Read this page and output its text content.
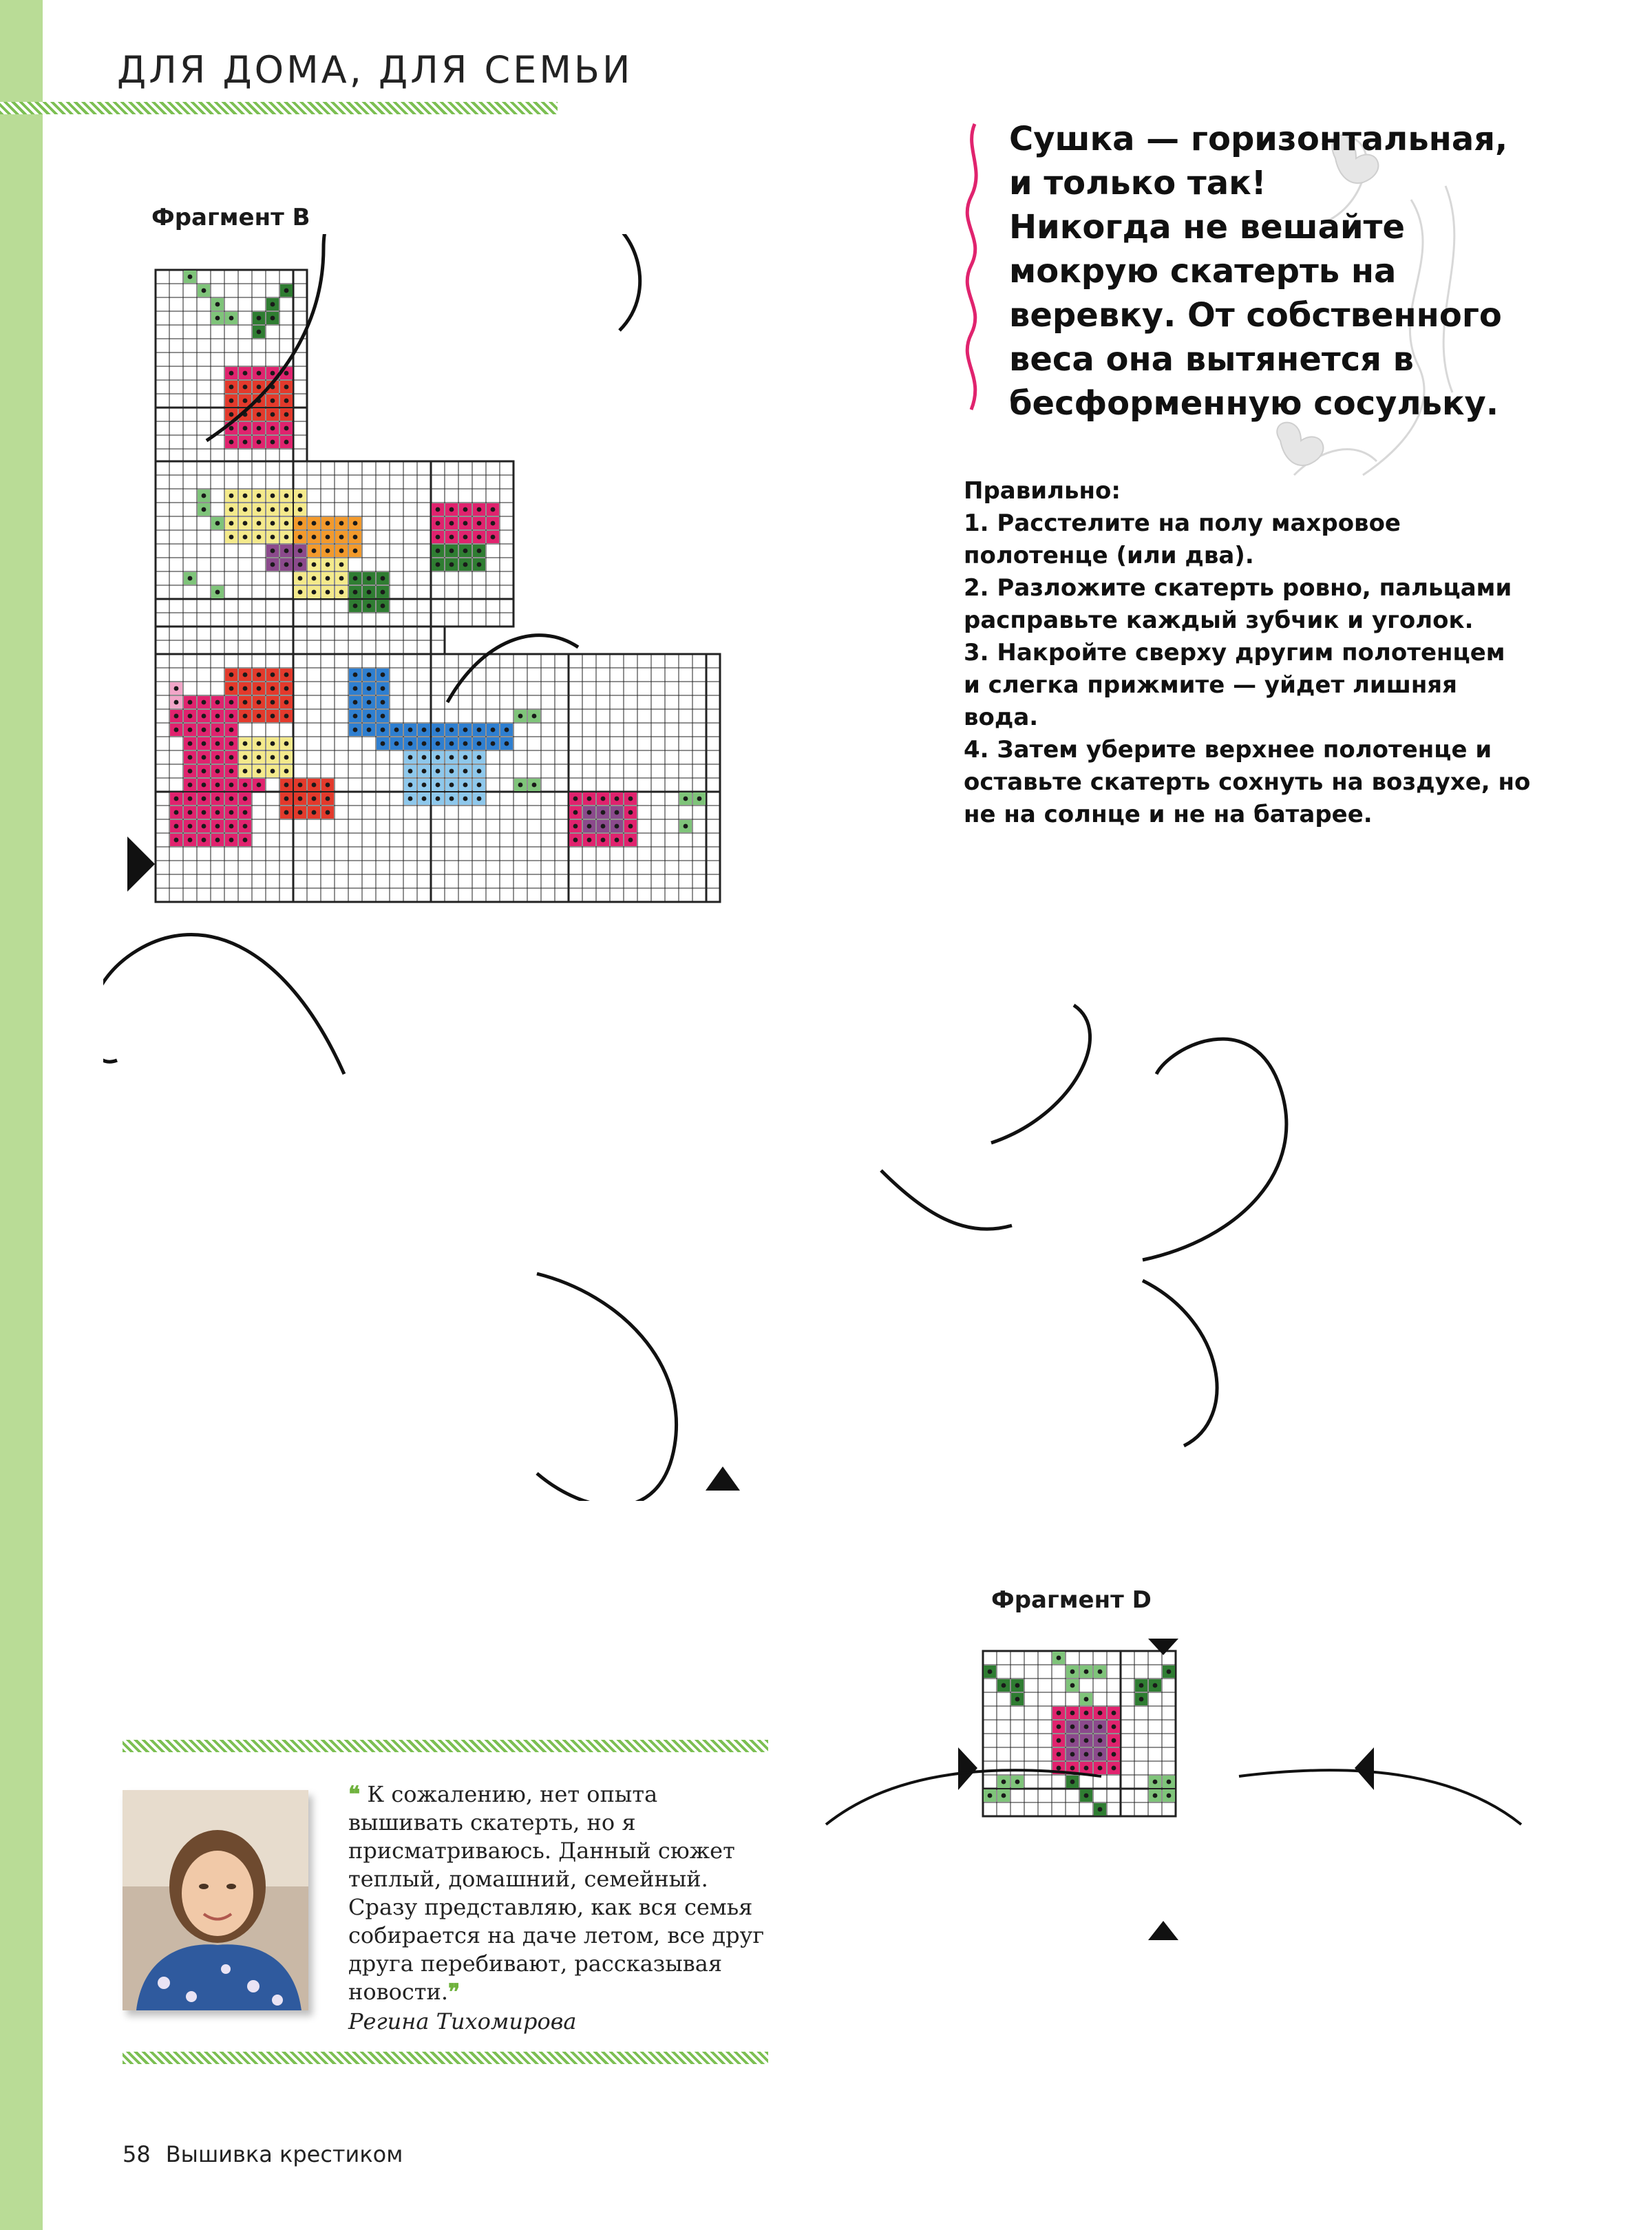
ДЛЯ ДОМА, ДЛЯ СЕМЬИ
Фрагмент B
Сушка — горизонтальная,
и только так!
Никогда не вешайте
мокрую скатерть на
веревку. От собственного
веса она вытянется в
бесформенную сосульку.
Правильно:
1. Расстелите на полу махровое
полотенце (или два).
2. Разложите скатерть ровно, пальцами
расправьте каждый зубчик и уголок.
3. Накройте сверху другим полотенцем
и слегка прижмите — уйдет лишняя
вода.
4. Затем уберите верхнее полотенце и
оставьте скатерть сохнуть на воздухе, но
не на солнце и не на батарее.
Фрагмент D
❝ К сожалению, нет опыта
вышивать скатерть, но я
присматриваюсь. Данный сюжет
теплый, домашний, семейный.
Сразу представляю, как вся семья
собирается на даче летом, все друг
друга перебивают, рассказывая
новости.❞
Регина Тихомирова
58 Вышивка крестиком
